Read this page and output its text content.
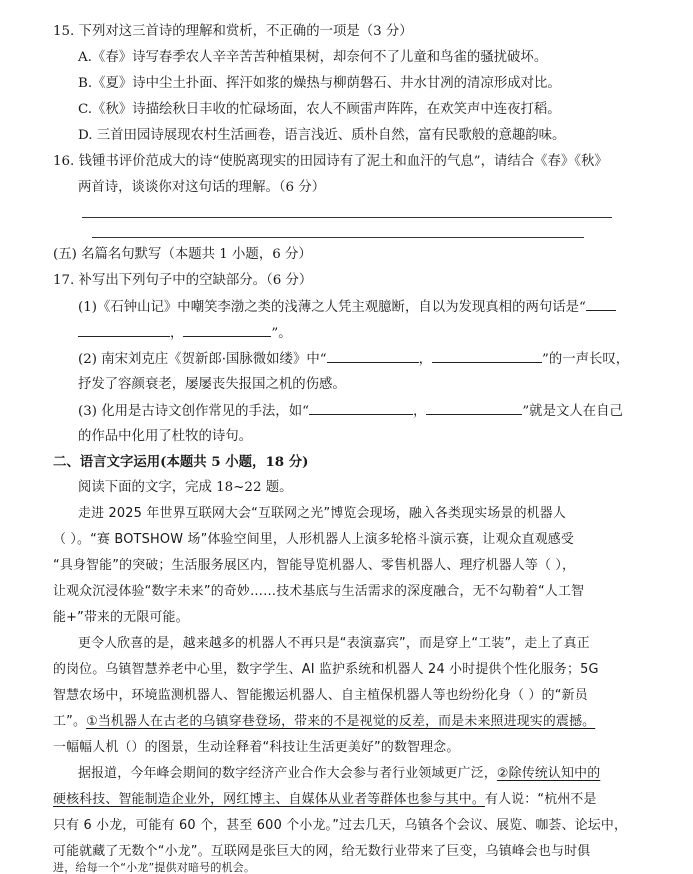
15. 下列对这三首诗的理解和赏析，不正确的一项是（3 分）
A.《春》诗写春季农人辛辛苦苦种植果树，却奈何不了儿童和鸟雀的骚扰破坏。
B.《夏》诗中尘土扑面、挥汗如浆的燥热与柳荫磐石、井水甘冽的清凉形成对比。
C.《秋》诗描绘秋日丰收的忙碌场面，农人不顾雷声阵阵，在欢笑声中连夜打稻。
D. 三首田园诗展现农村生活画卷，语言浅近、质朴自然，富有民歌般的意趣韵味。
16. 钱锺书评价范成大的诗“使脱离现实的田园诗有了泥土和血汗的气息”，请结合《春》《秋》
两首诗，谈谈你对这句话的理解。（6 分）
(五) 名篇名句默写（本题共 1 小题，6 分）
17. 补写出下列句子中的空缺部分。（6 分）
(1)《石钟山记》中嘲笑李渤之类的浅薄之人凭主观臆断，自以为发现真相的两句话是“
，	”。
(2) 南宋刘克庄《贺新郎·国脉微如缕》中“	，	”的一声长叹，
抒发了容颜衰老，屡屡丧失报国之机的伤感。
(3) 化用是古诗文创作常见的手法，如“	，	”就是文人在自己
的作品中化用了杜牧的诗句。
二、语言文字运用(本题共 5 小题，18 分)
阅读下面的文字，完成 18~22 题。
走进 2025 年世界互联网大会“互联网之光”博览会现场，融入各类现实场景的机器人
（ ）。“赛 BOTSHOW 场”体验空间里，人形机器人上演多轮格斗演示赛，让观众直观感受
“具身智能”的突破；生活服务展区内，智能导览机器人、零售机器人、理疗机器人等（ ），
让观众沉浸体验“数字未来”的奇妙……技术基底与生活需求的深度融合，无不勾勒着“人工智
能+”带来的无限可能。
更令人欣喜的是，越来越多的机器人不再只是“表演嘉宾”，而是穿上“工装”，走上了真正
的岗位。乌镇智慧养老中心里，数字学生、AI 监护系统和机器人 24 小时提供个性化服务；5G
智慧农场中，环境监测机器人、智能搬运机器人、自主植保机器人等也纷纷化身（ ）的“新员
工”。①当机器人在古老的乌镇穿巷登场，带来的不是视觉的反差，而是未来照进现实的震撼。
一幅幅人机（）的图景，生动诠释着“科技让生活更美好”的数智理念。
据报道，今年峰会期间的数字经济产业合作大会参与者行业领域更广泛，②除传统认知中的
硬核科技、智能制造企业外，网红博主、自媒体从业者等群体也参与其中。有人说：“杭州不是
只有 6 小龙，可能有 60 个，甚至 600 个小龙。”过去几天，乌镇各个会议、展览、咖荟、论坛中，
可能就藏了无数个“小龙”。互联网是张巨大的网，给无数行业带来了巨变，乌镇峰会也与时俱
进，给每一个“小龙”提供对暗号的机会。
